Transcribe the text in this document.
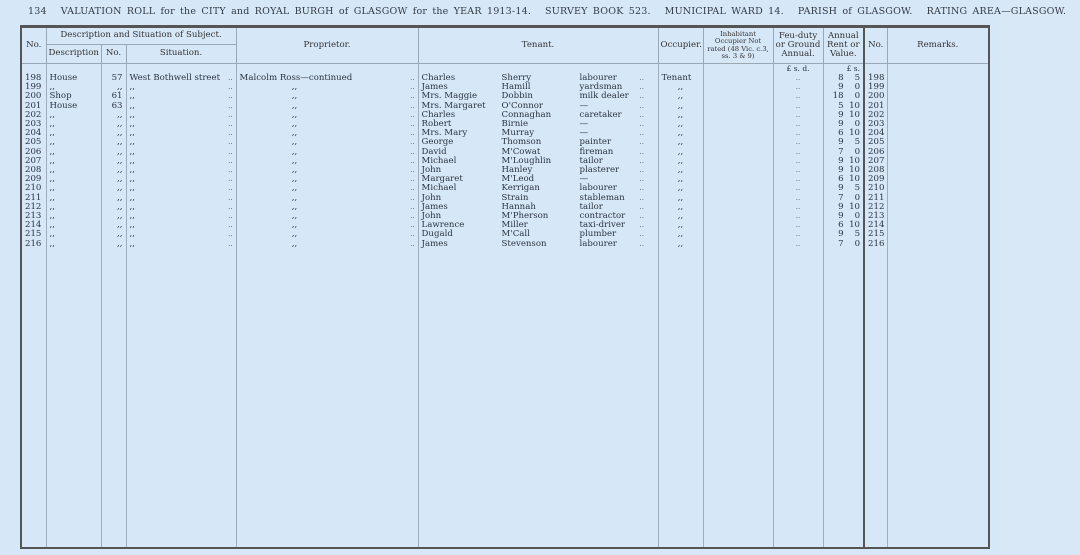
134 VALUATION ROLL for the CITY and ROYAL BURGH of GLASGOW for the YEAR 1913-14. SURVEY BOOK 523. MUNICIPAL WARD 14. PARISH of GLASGOW. RATING AREA—GLASGOW.
No.	Description and Situation of Subject.			Proprietor.	Tenant.	Occupier.	Inhabitant Occupier Not rated (48 Vic. c.3, ss. 3 & 9)	Feu-duty or Ground Annual.	Annual Rent or Value.	No.	Remarks.
	Description	No.	Situation.								
								£ s. d.	£ s.		
198	House	57	West Bothwell street ..	Malcolm Ross—continued ..	Charles Sherry labourer ..	Tenant		..	8 5	198	
199	,,	,,	,, ..	,, ..	James Hamill yardsman ..	,,		..	9 0	199	
200	Shop	61	,, ..	,, ..	Mrs. Maggie Dobbin milk dealer ..	,,		..	18 0	200	
201	House	63	,, ..	,, ..	Mrs. Margaret O'Connor — ..	,,		..	5 10	201	
202	,,	,,	,, ..	,, ..	Charles Connaghan caretaker ..	,,		..	9 10	202	
203	,,	,,	,, ..	,, ..	Robert Birnie — ..	,,		..	9 0	203	
204	,,	,,	,, ..	,, ..	Mrs. Mary Murray — ..	,,		..	6 10	204	
205	,,	,,	,, ..	,, ..	George Thomson painter ..	,,		..	9 5	205	
206	,,	,,	,, ..	,, ..	David M'Cowat fireman ..	,,		..	7 0	206	
207	,,	,,	,, ..	,, ..	Michael M'Loughlin tailor ..	,,		..	9 10	207	
208	,,	,,	,, ..	,, ..	John Hanley plasterer ..	,,		..	9 10	208	
209	,,	,,	,, ..	,, ..	Margaret M'Leod — ..	,,		..	6 10	209	
210	,,	,,	,, ..	,, ..	Michael Kerrigan labourer ..	,,		..	9 5	210	
211	,,	,,	,, ..	,, ..	John Strain stableman ..	,,		..	7 0	211	
212	,,	,,	,, ..	,, ..	James Hannah tailor ..	,,		..	9 10	212	
213	,,	,,	,, ..	,, ..	John M'Pherson contractor ..	,,		..	9 0	213	
214	,,	,,	,, ..	,, ..	Lawrence Miller taxi-driver ..	,,		..	6 10	214	
215	,,	,,	,, ..	,, ..	Dugald M'Call plumber ..	,,		..	9 5	215	
216	,,	,,	,, ..	,, ..	James Stevenson labourer ..	,,		..	7 0	216	
